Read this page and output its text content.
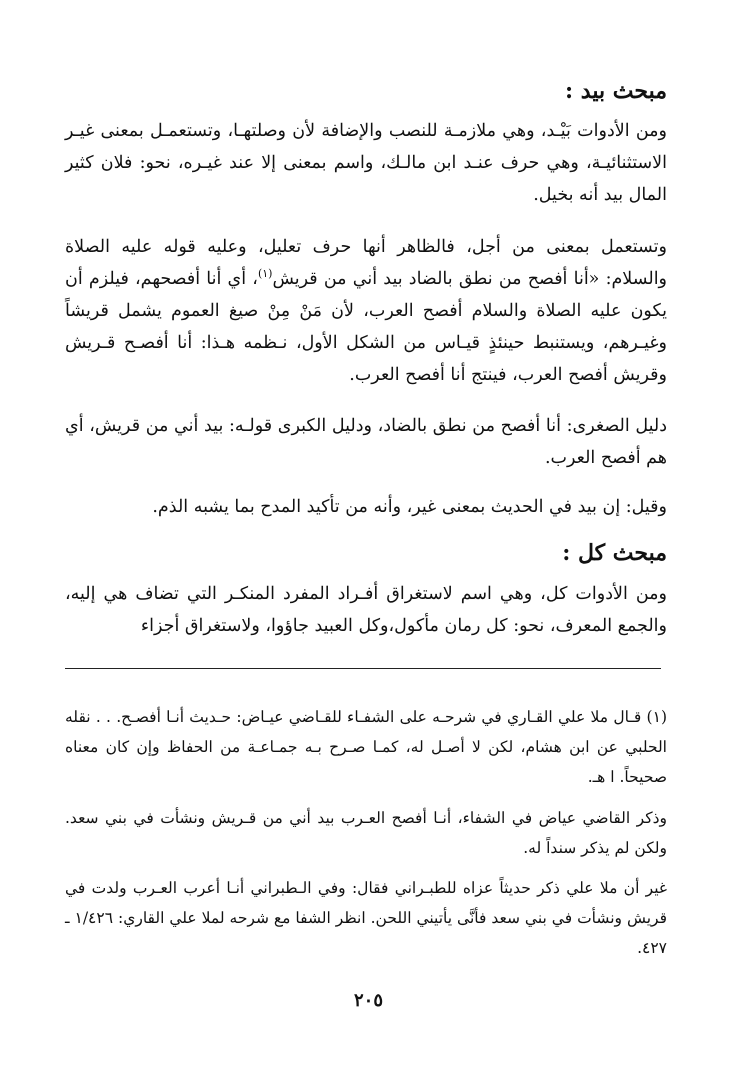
مبحث بيد :
ومن الأدوات بَيْـد، وهي ملازمـة للنصب والإضافة لأن وصلتهـا، وتستعمـل بمعنى غيـر الاستثنائيـة، وهي حرف عنـد ابن مالـك، واسم بمعنى إلا عند غيـره، نحو: فلان كثير المال بيد أنه بخيل.
وتستعمل بمعنى من أجل، فالظاهر أنها حرف تعليل، وعليه قوله عليه الصلاة والسلام: «أنا أفصح من نطق بالضاد بيد أني من قريش$^{(١)}$، أي أنا أفصحهم، فيلزم أن يكون عليه الصلاة والسلام أفصح العرب، لأن مَنْ مِنْ صيغ العموم يشمل قريشاً وغيـرهم، ويستنبط حينئذٍ قيـاس من الشكل الأول، نـظمه هـذا: أنا أفصـح قـريش وقريش أفصح العرب، فينتج أنا أفصح العرب.
دليل الصغرى: أنا أفصح من نطق بالضاد، ودليل الكبرى قولـه: بيد أني من قريش، أي هم أفصح العرب.
وقيل: إن بيد في الحديث بمعنى غير، وأنه من تأكيد المدح بما يشبه الذم.
مبحث كل :
ومن الأدوات كل، وهي اسم لاستغراق أفـراد المفرد المنكـر التي تضاف هي إليه، والجمع المعرف، نحو: كل رمان مأكول،وكل العبيد جاؤوا، ولاستغراق أجزاء
(١) قـال ملا علي القـاري في شرحـه على الشفـاء للقـاضي عيـاض: حـديث أنـا أفصـح. . . نقله الحلبي عن ابن هشام، لكن لا أصـل له، كمـا صـرح بـه جمـاعـة من الحفاظ وإن كان معناه صحيحاً. ا هـ.
وذكر القاضي عياض في الشفاء، أنـا أفصح العـرب بيد أني من قـريش ونشأت في بني سعد. ولكن لم يذكر سنداً له.
غير أن ملا علي ذكر حديثاً عزاه للطبـراني فقال: وفي الـطبراني أنـا أعرب العـرب ولدت في قريش ونشأت في بني سعد فأنَّى يأتيني اللحن. انظر الشفا مع شرحه لملا علي القاري: ١/٤٢٦ ـ ٤٢٧.
٢٠٥
